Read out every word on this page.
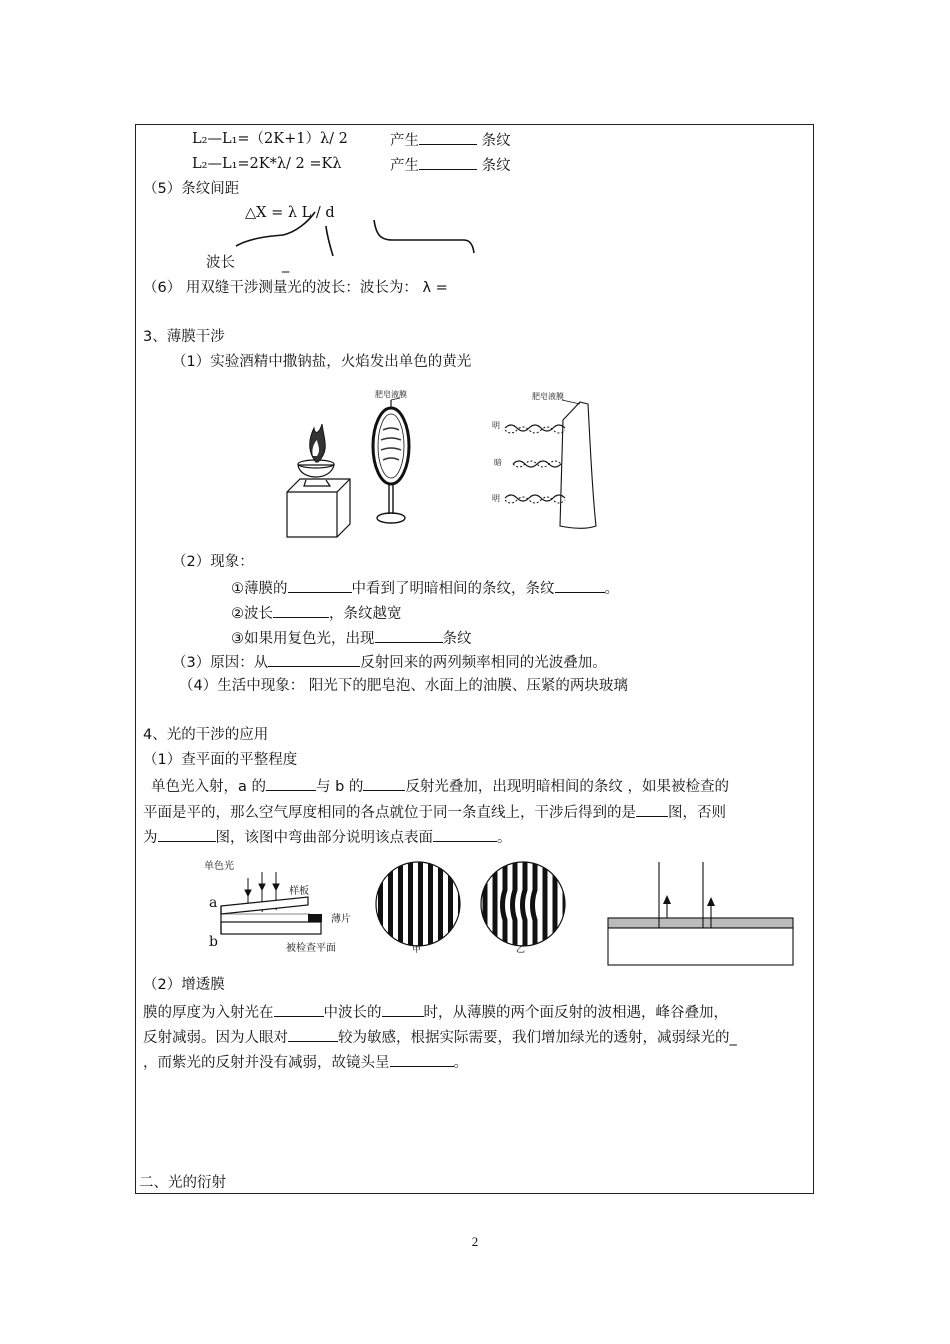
L₂—L₁=（2K+1）λ/ 2	产生	条纹
L₂—L₁=2K*λ/ 2 =Kλ	产生	条纹
（5）条纹间距
△X = λ L / d
波长	_
（6） 用双缝干涉测量光的波长：波长为： λ =
3、薄膜干涉
（1）实验酒精中撒钠盐，火焰发出单色的黄光
肥皂液膜	肥皂液膜
明
暗
明
（2）现象：
①薄膜的	中看到了明暗相间的条纹，条纹	。
②波长	，条纹越宽
③如果用复色光，出现	条纹
（3）原因：从	反射回来的两列频率相同的光波叠加。
（4）生活中现象： 阳光下的肥皂泡、水面上的油膜、压紧的两块玻璃
4、光的干涉的应用
（1）查平面的平整程度
单色光入射，a 的	与 b 的	反射光叠加，出现明暗相间的条纹 ，如果被检查的
平面是平的，那么空气厚度相同的各点就位于同一条直线上，干涉后得到的是 图，否则
为	图，该图中弯曲部分说明该点表面	。
单色光
样板
a
b
薄片
被检查平面	甲	乙
（2）增透膜
膜的厚度为入射光在	中波长的	时，从薄膜的两个面反射的波相遇，峰谷叠加，
反射减弱。因为人眼对	较为敏感，根据实际需要，我们增加绿光的透射，减弱绿光的_
，而紫光的反射并没有减弱，故镜头呈	。
二、光的衍射
2
